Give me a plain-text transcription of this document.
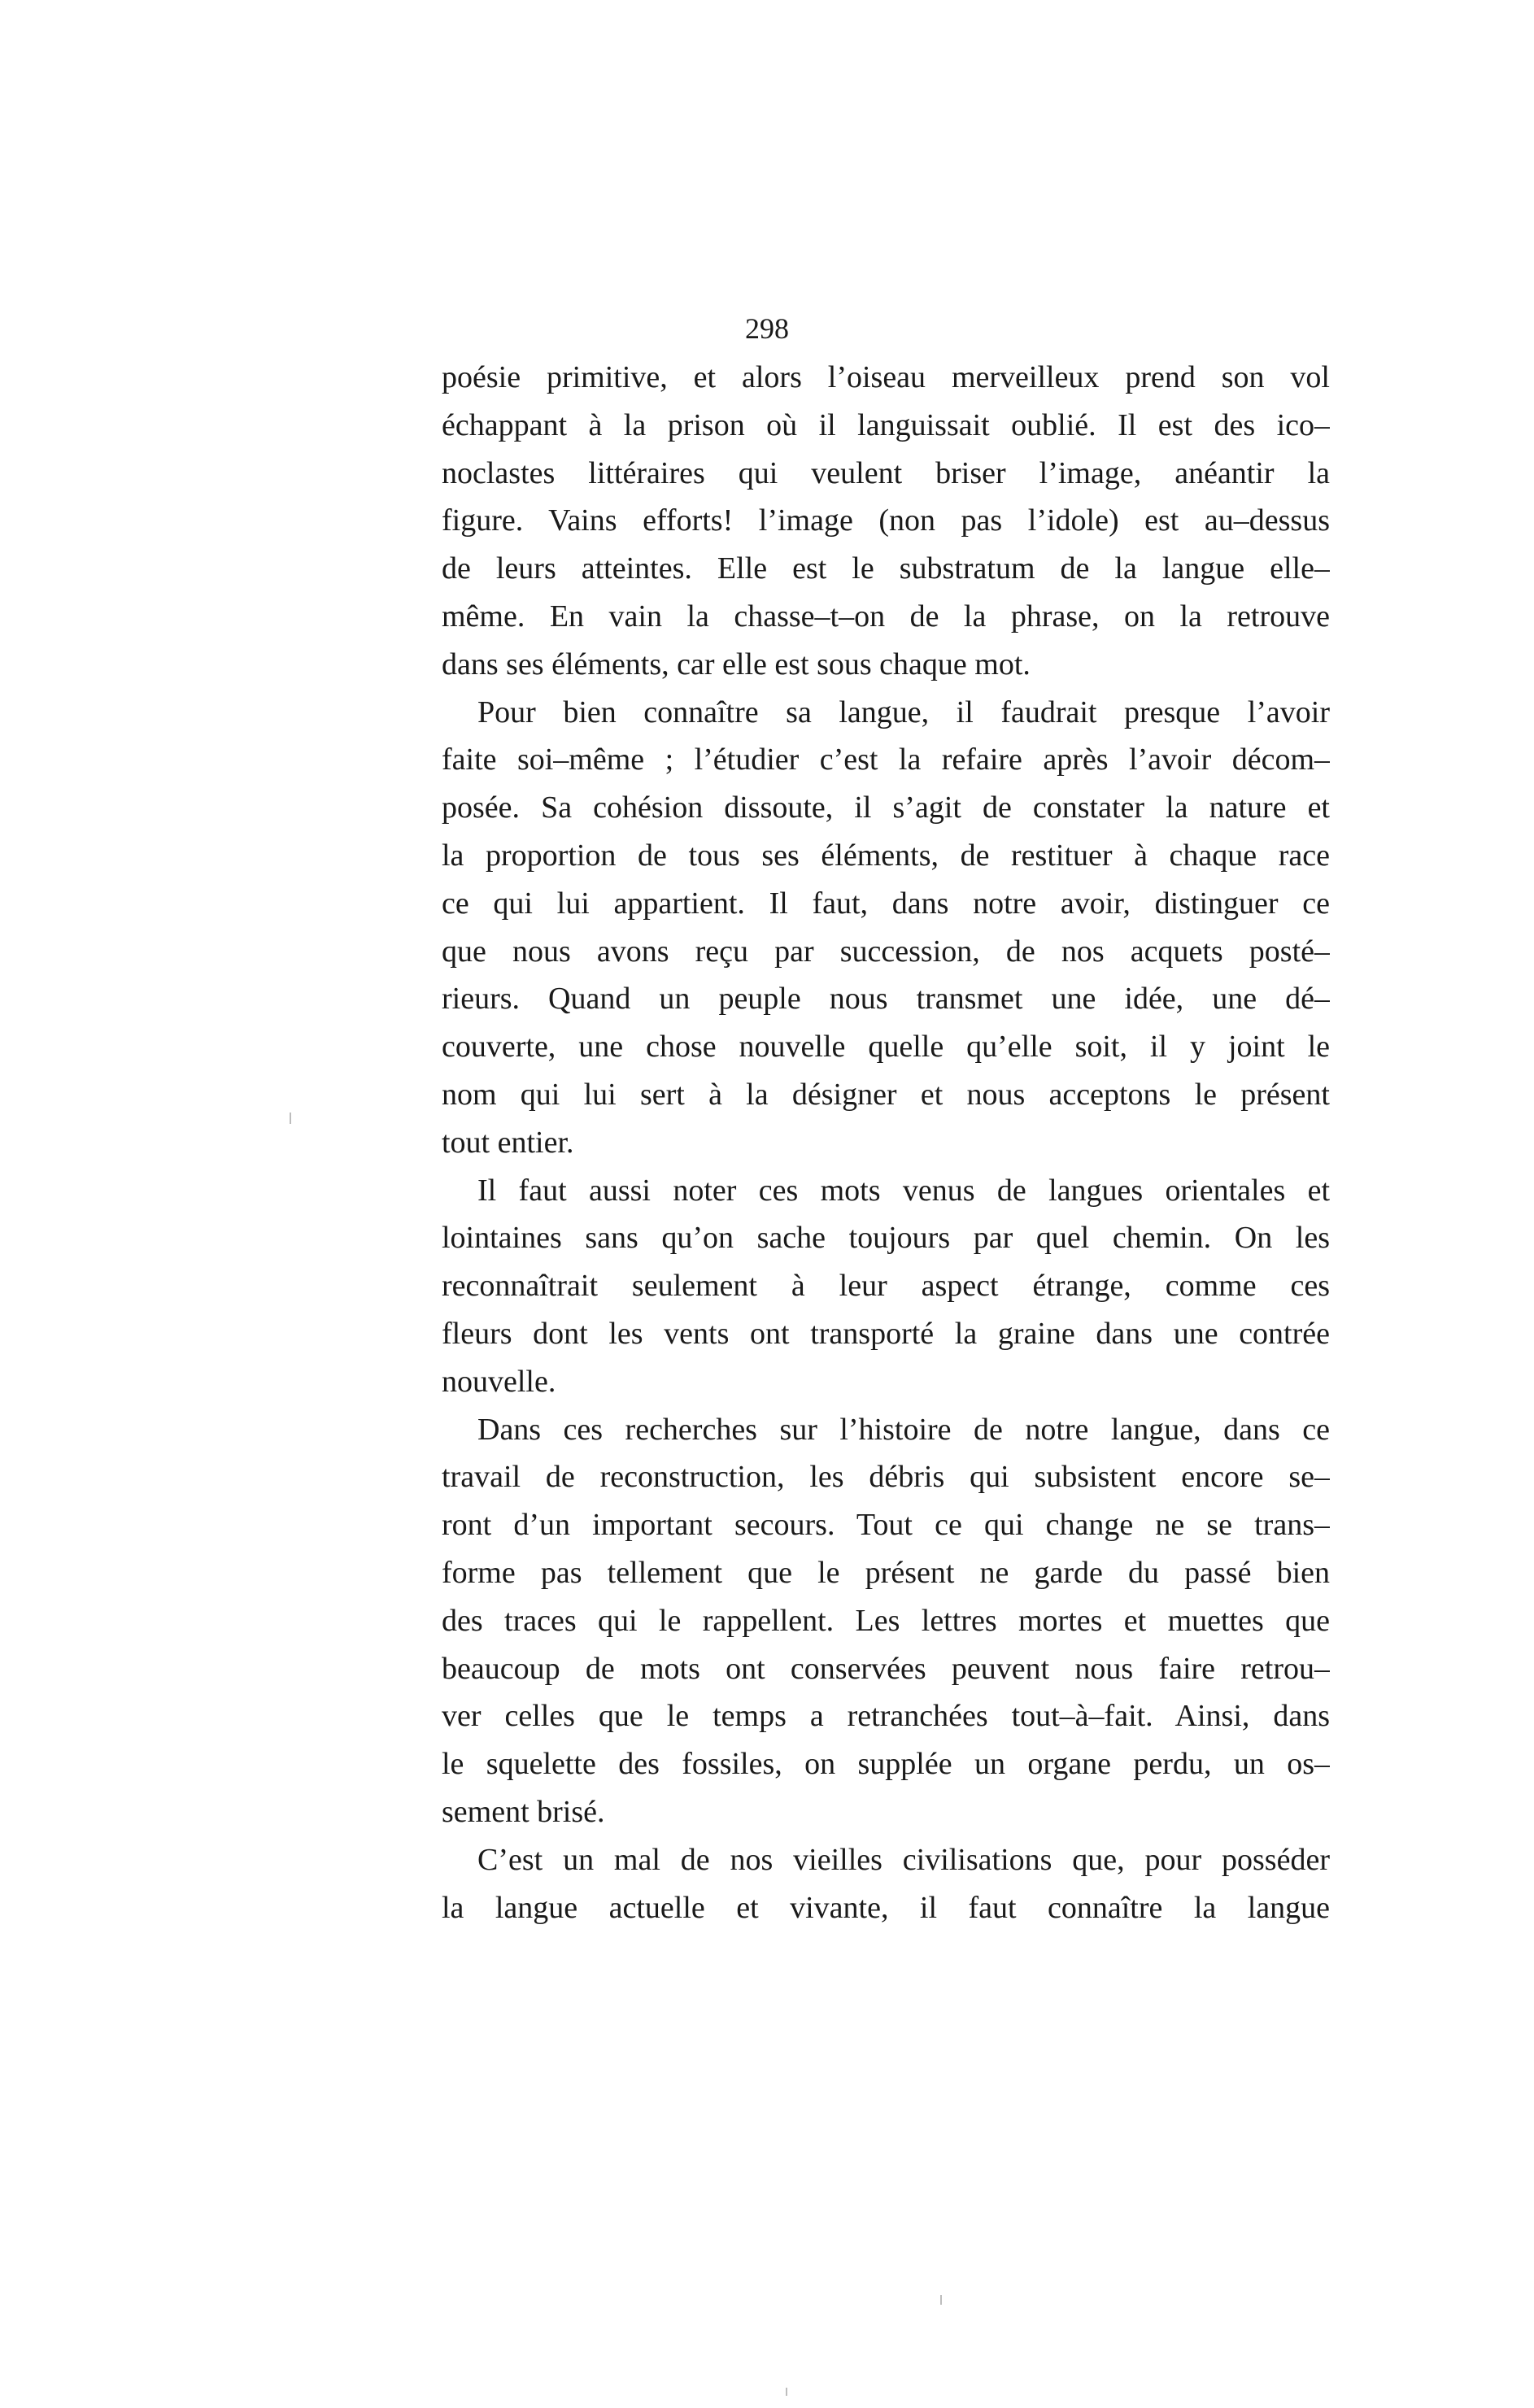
298
poésie primitive, et alors l’oiseau merveilleux prend son vol
échappant à la prison où il languissait oublié. Il est des ico–
noclastes littéraires qui veulent briser l’image, anéantir la
figure. Vains efforts! l’image (non pas l’idole) est au–dessus
de leurs atteintes. Elle est le substratum de la langue elle–
même. En vain la chasse–t–on de la phrase, on la retrouve
dans ses éléments, car elle est sous chaque mot.
Pour bien connaître sa langue, il faudrait presque l’avoir
faite soi–même ; l’étudier c’est la refaire après l’avoir décom–
posée. Sa cohésion dissoute, il s’agit de constater la nature et
la proportion de tous ses éléments, de restituer à chaque race
ce qui lui appartient. Il faut, dans notre avoir, distinguer ce
que nous avons reçu par succession, de nos acquets posté–
rieurs. Quand un peuple nous transmet une idée, une dé–
couverte, une chose nouvelle quelle qu’elle soit, il y joint le
nom qui lui sert à la désigner et nous acceptons le présent
tout entier.
Il faut aussi noter ces mots venus de langues orientales et
lointaines sans qu’on sache toujours par quel chemin. On les
reconnaîtrait seulement à leur aspect étrange, comme ces
fleurs dont les vents ont transporté la graine dans une contrée
nouvelle.
Dans ces recherches sur l’histoire de notre langue, dans ce
travail de reconstruction, les débris qui subsistent encore se–
ront d’un important secours. Tout ce qui change ne se trans–
forme pas tellement que le présent ne garde du passé bien
des traces qui le rappellent. Les lettres mortes et muettes que
beaucoup de mots ont conservées peuvent nous faire retrou–
ver celles que le temps a retranchées tout–à–fait. Ainsi, dans
le squelette des fossiles, on supplée un organe perdu, un os–
sement brisé.
C’est un mal de nos vieilles civilisations que, pour posséder
la langue actuelle et vivante, il faut connaître la langue
